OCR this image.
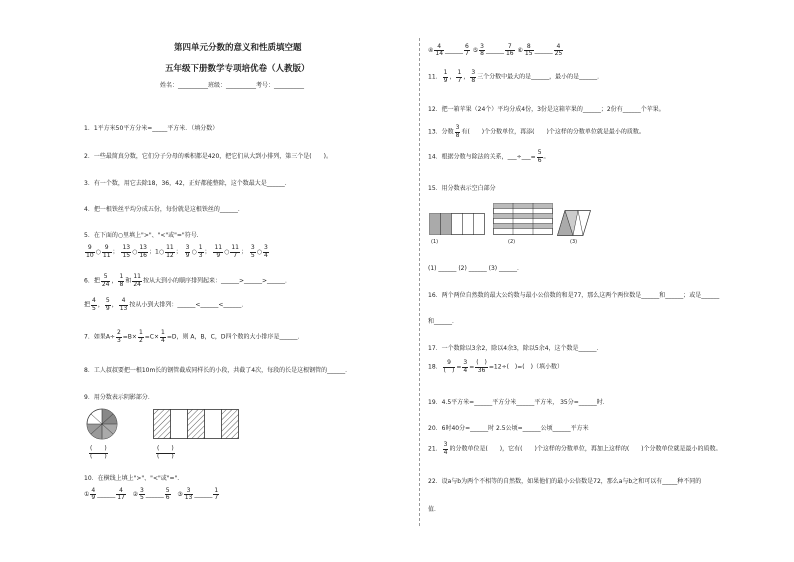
第四单元分数的意义和性质填空题
五年级下册数学专项培优卷（人教版）
姓名：__________班级：__________考号：__________
1．1平方米50平方分米=_____平方米．（填分数）
2．一些最简真分数，它们分子分母的乘积都是420，把它们从大到小排列，第三个是(　　)。
3．有一个数，用它去除18，36，42，正好都能整除，这个数最大是______．
4．把一根铁丝平均分成五份，每份就是这根铁丝的______．
5．在下面的○里填上">"、"<"或"="符号.
$\frac{9}{10}$ ○ $\frac{9}{11}$ ； $\frac{13}{15}$ ○ $\frac{13}{16}$ ；1○ $\frac{11}{12}$ ； $\frac{3}{9}$ ○ $\frac{1}{3}$ ； $\frac{11}{9}$ ○ $\frac{11}{7}$ ； $\frac{3}{5}$ ○ $\frac{3}{4}$
6．把 $\frac{5}{24}$ ， $\frac{1}{8}$ 和 $\frac{11}{24}$ 按从大到小的顺序排列起来：______>______>______．
把 $\frac{4}{5}$ ， $\frac{5}{9}$ ， $\frac{4}{13}$ 按从小到大排列：______<______<______．
7．如果$A\div \frac{2}{3} =B\times \frac{1}{2} =C\times \frac{1}{4} =D$，则 A，B，C，D四个数的大小排序是______．
8．工人叔叔要把一根10m长的钢管截成同样长的小段，共截了4次，每段的长是这根钢管的______．
9．用分数表示阴影部分．
(　　)
(　　)
(　　)
(　　)
10．在横线上填上">"、"<"或"=".
① $\frac{4}{9}$ ______ $\frac{4}{17}$ ② $\frac{3}{5}$ ______ $\frac{5}{6}$ ③ $\frac{3}{13}$ ______ $\frac{1}{7}$
④ $\frac{4}{14}$ ______ $\frac{6}{7}$ ⑤ $\frac{3}{8}$ ______ $\frac{7}{16}$ ⑥ $\frac{8}{15}$ ______ $\frac{4}{25}$
11． $\frac{1}{9}$ ， $\frac{1}{7}$ ， $\frac{3}{8}$ 三个分数中最大的是______，最小的是______．
12．把一箱苹果（24个）平均分成4份，3份是这箱苹果的______；2份有______个苹果。
13．分数 $\frac{3}{8}$ 有(　　)个分数单位，再添(　　)个这样的分数单位就是最小的质数。
14．根据分数与除法的关系，___÷___= $\frac{5}{6}$ 。
15．用分数表示空白部分
(1)	(2)	(3)
(1) ______ (2) ______ (3) ______．
16．两个两位自然数的最大公约数与最小公倍数的和是77，那么这两个两位数是______和______；或是______
和______．
17．一个数除以3余2，除以4余3，除以5余4，这个数是______．
18．
9
(　) = $\frac{3}{4}$ =
(　)
36 =12÷(　)=(　)（填小数）
19．4.5平方米=______平方分米______平方米， 35分=______时．
20．6时40分=______时 2.5公顷=______公顷______平方米
21． $\frac{3}{4}$ 的分数单位是(　　)，它有(　　)个这样的分数单位，再加上这样的(　　)个分数单位就是最小的质数。
22．设a与b为两个不相等的自然数，如果他们的最小公倍数是72，那么a与b之和可以有_____种不同的
值．
